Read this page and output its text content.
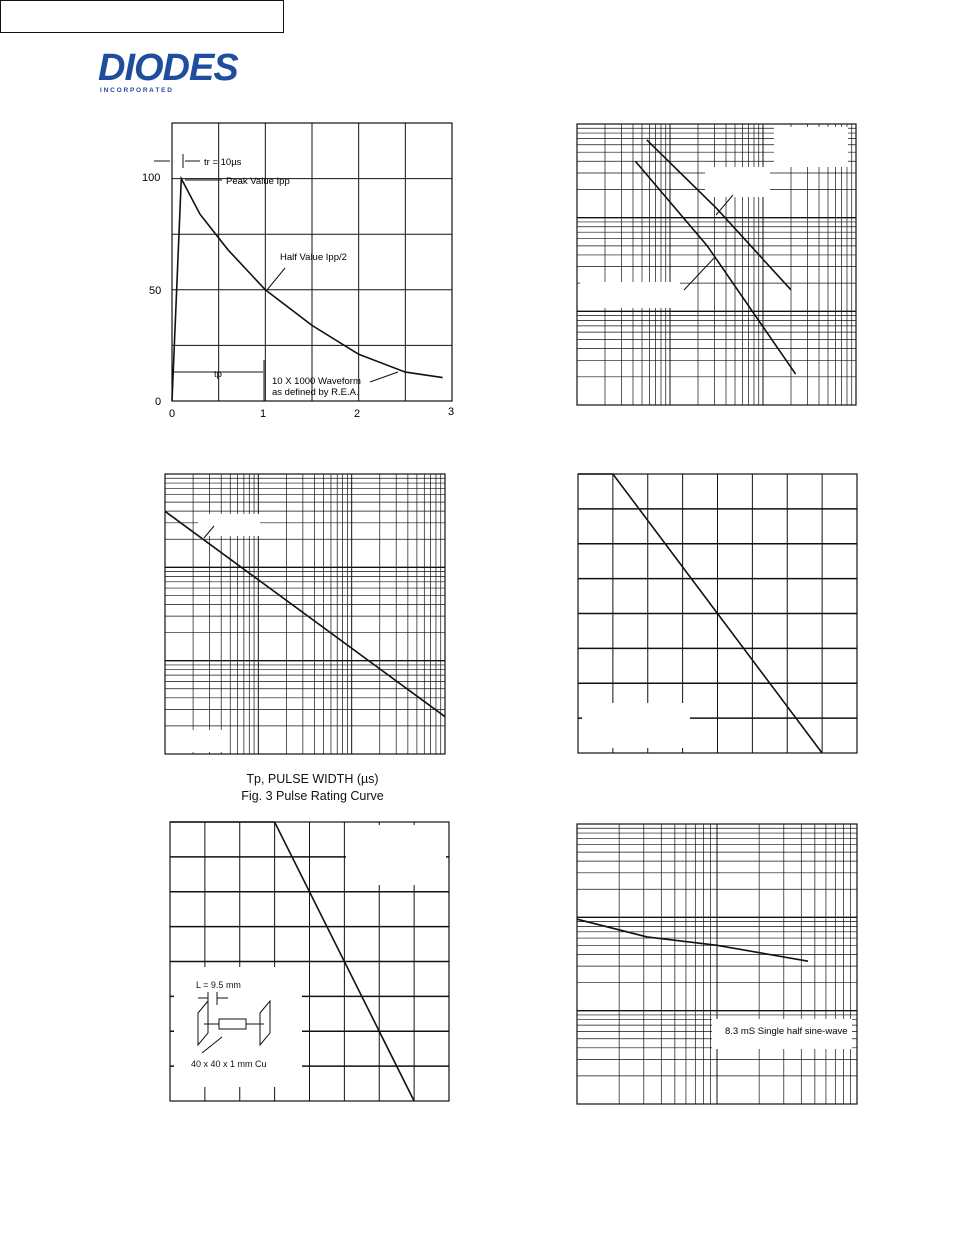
DIODES
I N C O R P O R A T E D
100
50
0
0	1	2	3
tr = 10µs
Peak Value Ipp
Half Value Ipp/2
tp
10 X 1000 Waveform
as defined by R.E.A.
Tp, PULSE WIDTH (µs)
Fig. 3 Pulse Rating Curve
L = 9.5 mm
40 x 40 x 1 mm Cu
8.3 mS Single half sine-wave
